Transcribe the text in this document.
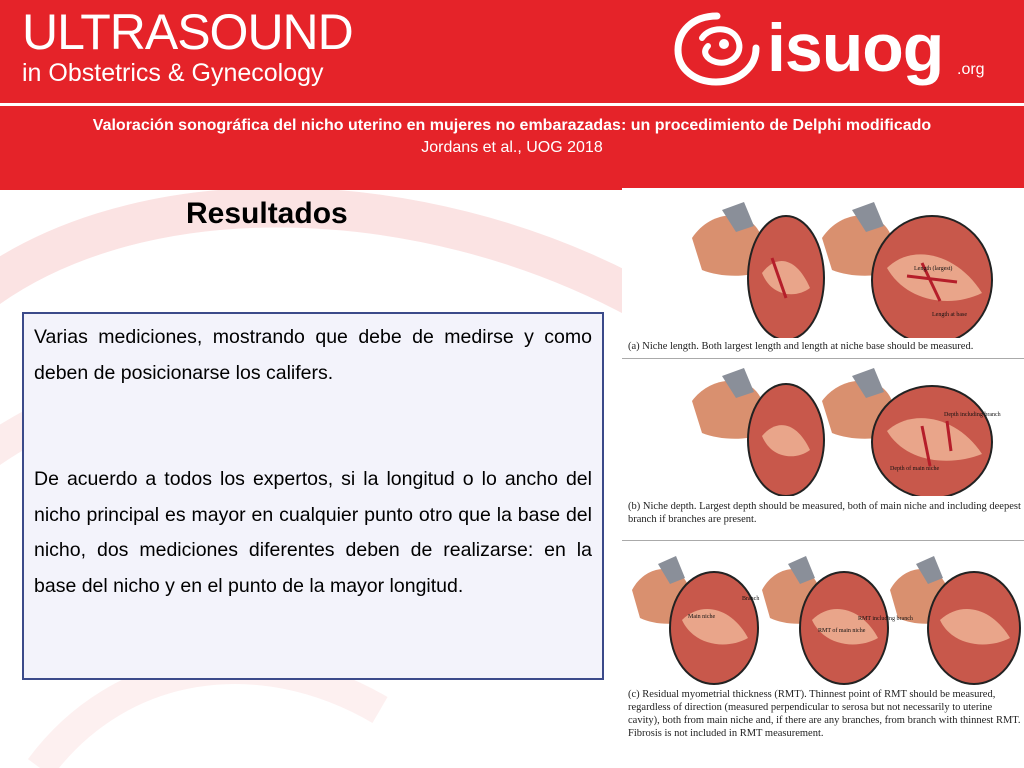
ULTRASOUND
in Obstetrics & Gynecology	isuog .org
Valoración sonográfica del nicho uterino en mujeres no embarazadas: un procedimiento de Delphi modificado
Jordans et al., UOG 2018
Resultados

Varias mediciones, mostrando que debe de medirse y como deben de posicionarse los califers.

De acuerdo a todos los expertos, si la longitud o lo ancho del nicho principal es mayor en cualquier punto otro que la base del nicho, dos mediciones diferentes deben de realizarse: en la base del nicho y en el punto de la mayor longitud.

Length (largest)
Length at base
(a) Niche length. Both largest length and length at niche base should be measured.
Depth including branch
Depth of main niche
(b) Niche depth. Largest depth should be measured, both of main niche and including deepest branch if branches are present.
Main niche
Branch
RMT of main niche
RMT including branch
(c) Residual myometrial thickness (RMT). Thinnest point of RMT should be measured, regardless of direction (measured perpendicular to serosa but not necessarily to uterine cavity), both from main niche and, if there are any branches, from branch with thinnest RMT. Fibrosis is not included in RMT measurement.
